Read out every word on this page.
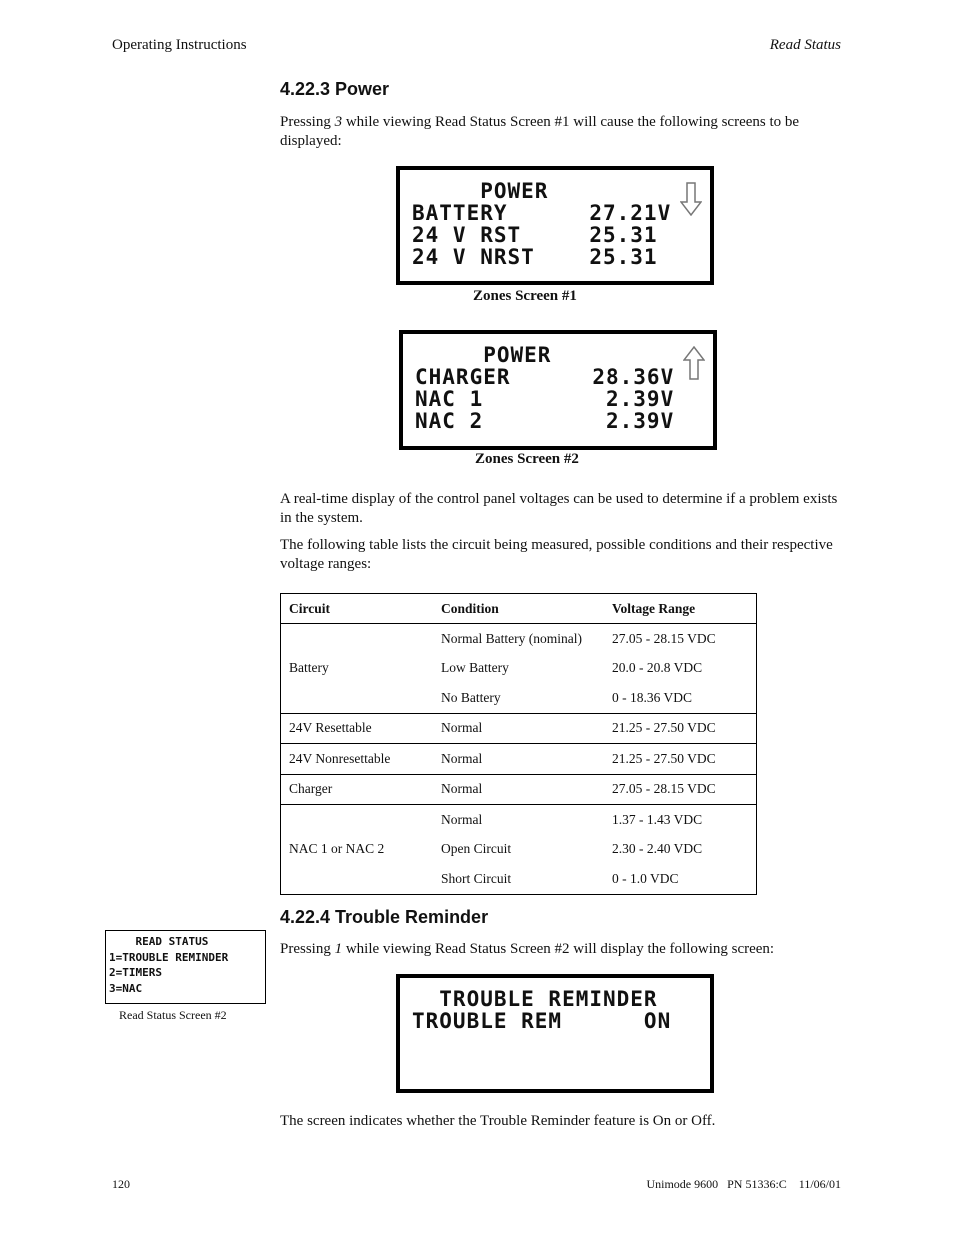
Operating Instructions	Read Status
4.22.3 Power
Pressing 3 while viewing Read Status Screen #1 will cause the following screens to be displayed:
POWER
BATTERY      27.21V
24 V RST     25.31
24 V NRST    25.31
Zones Screen #1
POWER
CHARGER      28.36V
NAC 1         2.39V
NAC 2         2.39V
Zones Screen #2
A real-time display of the control panel voltages can be used to determine if a problem exists in the system.
The following table lists the circuit being measured, possible conditions and their respective voltage ranges:
Circuit	Condition	Voltage Range
Battery	Normal Battery (nominal)	27.05 - 28.15 VDC
	Low Battery	20.0 - 20.8 VDC
	No Battery	0 - 18.36 VDC
24V Resettable	Normal	21.25 - 27.50 VDC
24V Nonresettable	Normal	21.25 - 27.50 VDC
Charger	Normal	27.05 - 28.15 VDC
NAC 1 or NAC 2	Normal	1.37 - 1.43 VDC
	Open Circuit	2.30 - 2.40 VDC
	Short Circuit	0 - 1.0 VDC
4.22.4 Trouble Reminder
READ STATUS
1=TROUBLE REMINDER
2=TIMERS
3=NAC
Read Status Screen #2
Pressing 1 while viewing Read Status Screen #2 will display the following screen:
TROUBLE REMINDER
TROUBLE REM      ON
The screen indicates whether the Trouble Reminder feature is On or Off.
120	Unimode 9600   PN 51336:C    11/06/01
